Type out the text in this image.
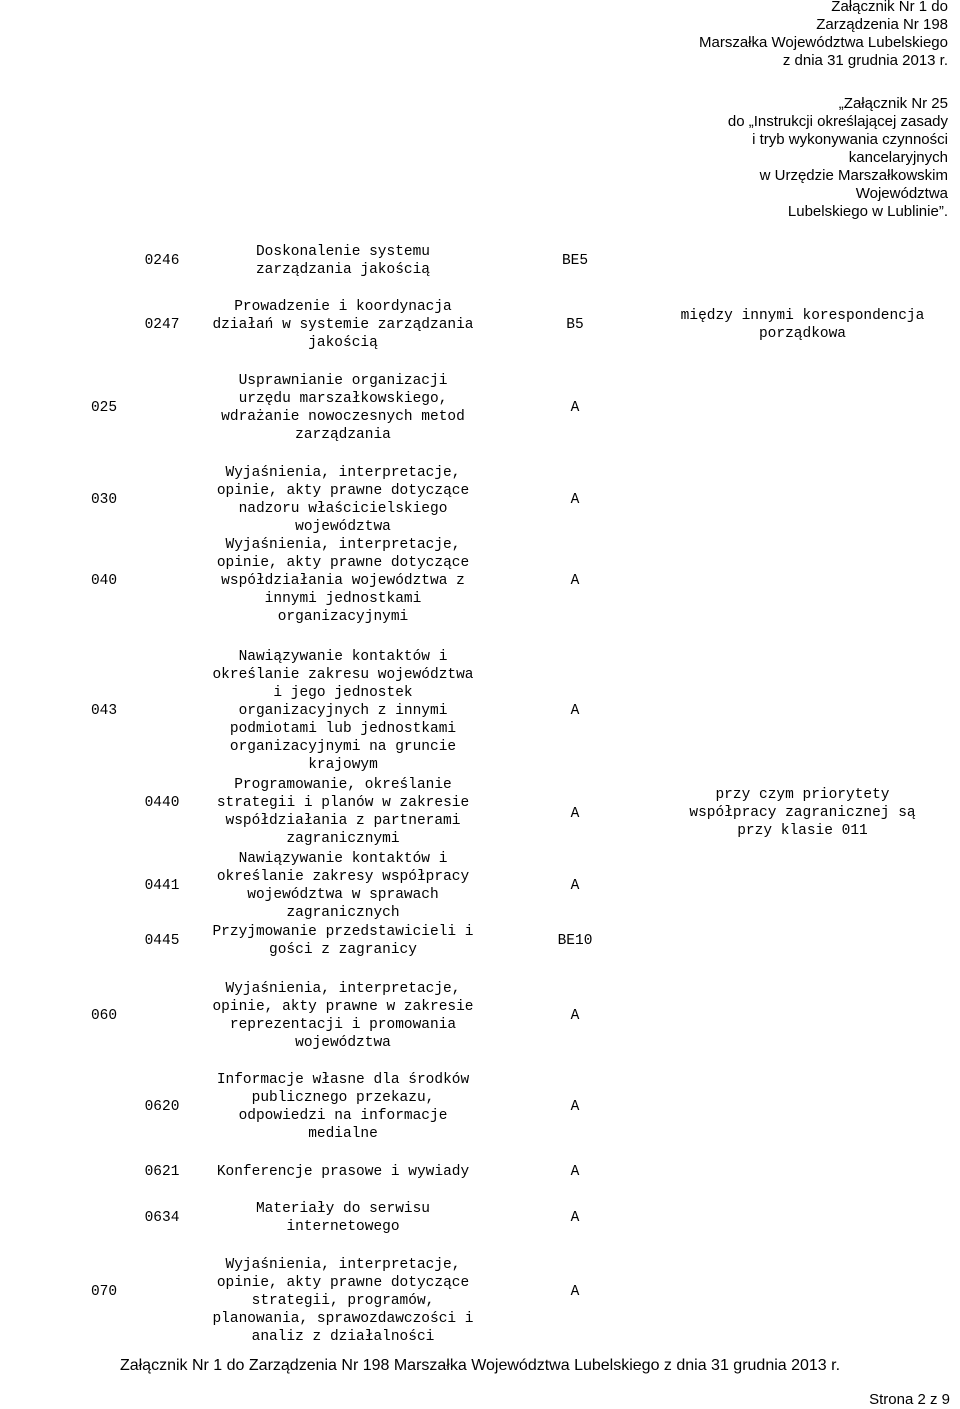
Załącznik Nr 1 do
Zarządzenia Nr 198
Marszałka Województwa Lubelskiego
z dnia 31 grudnia 2013 r.
„Załącznik Nr 25
do „Instrukcji określającej zasady
i tryb wykonywania czynności
kancelaryjnych
w Urzędzie Marszałkowskim
Województwa
Lubelskiego w Lublinie”.
0246
Doskonalenie systemu
zarządzania jakością
BE5
0247
Prowadzenie i koordynacja
działań w systemie zarządzania
jakością
B5
między innymi korespondencja
porządkowa
025
Usprawnianie organizacji
urzędu marszałkowskiego,
wdrażanie nowoczesnych metod
zarządzania
A
030
Wyjaśnienia, interpretacje,
opinie, akty prawne dotyczące
nadzoru właścicielskiego
województwa
A
040
Wyjaśnienia, interpretacje,
opinie, akty prawne dotyczące
współdziałania województwa z
innymi jednostkami
organizacyjnymi
A
043
Nawiązywanie kontaktów i
określanie zakresu województwa
i jego jednostek
organizacyjnych z innymi
podmiotami lub jednostkami
organizacyjnymi na gruncie
krajowym
A
0440
Programowanie, określanie
strategii i planów w zakresie
współdziałania z partnerami
zagranicznymi
A
przy czym priorytety
współpracy zagranicznej są
przy klasie 011
0441
Nawiązywanie kontaktów i
określanie zakresy współpracy
województwa w sprawach
zagranicznych
A
0445
Przyjmowanie przedstawicieli i
gości z zagranicy
BE10
060
Wyjaśnienia, interpretacje,
opinie, akty prawne w zakresie
reprezentacji i promowania
województwa
A
0620
Informacje własne dla środków
publicznego przekazu,
odpowiedzi na informacje
medialne
A
0621	Konferencje prasowe i wywiady	A
0634
Materiały do serwisu
internetowego
A
070
Wyjaśnienia, interpretacje,
opinie, akty prawne dotyczące
strategii, programów,
planowania, sprawozdawczości i
analiz z działalności
A
Załącznik Nr 1 do Zarządzenia Nr 198 Marszałka Województwa Lubelskiego z dnia 31 grudnia 2013 r.
Strona 2 z 9
